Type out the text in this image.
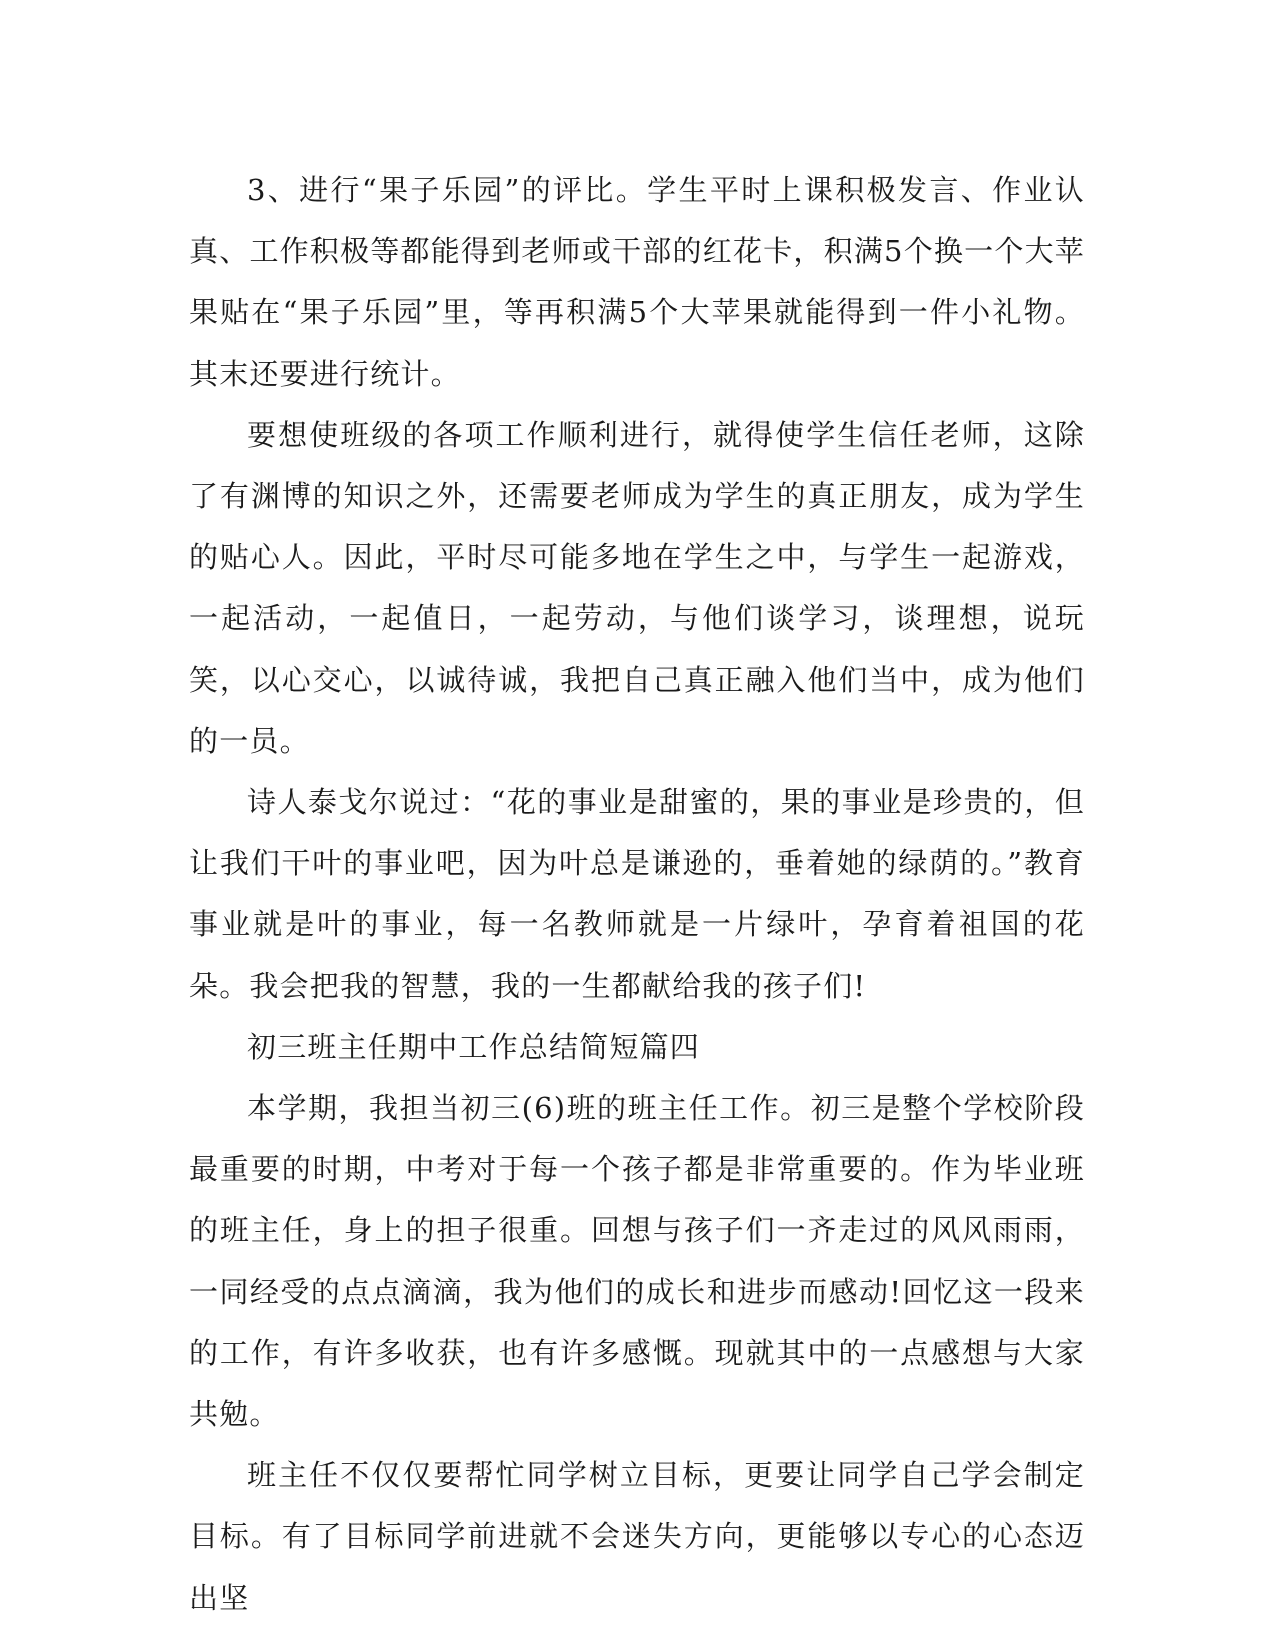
3、进行“果子乐园”的评比。学生平时上课积极发言、作业认真、工作积极等都能得到老师或干部的红花卡，积满5个换一个大苹果贴在“果子乐园”里，等再积满5个大苹果就能得到一件小礼物。其末还要进行统计。

要想使班级的各项工作顺利进行，就得使学生信任老师，这除了有渊博的知识之外，还需要老师成为学生的真正朋友，成为学生的贴心人。因此，平时尽可能多地在学生之中，与学生一起游戏，一起活动，一起值日，一起劳动，与他们谈学习，谈理想，说玩笑，以心交心，以诚待诚，我把自己真正融入他们当中，成为他们的一员。

诗人泰戈尔说过：“花的事业是甜蜜的，果的事业是珍贵的，但让我们干叶的事业吧，因为叶总是谦逊的，垂着她的绿荫的。”教育事业就是叶的事业，每一名教师就是一片绿叶，孕育着祖国的花朵。我会把我的智慧，我的一生都献给我的孩子们!

初三班主任期中工作总结简短篇四

本学期，我担当初三(6)班的班主任工作。初三是整个学校阶段最重要的时期，中考对于每一个孩子都是非常重要的。作为毕业班的班主任，身上的担子很重。回想与孩子们一齐走过的风风雨雨，一同经受的点点滴滴，我为他们的成长和进步而感动!回忆这一段来的工作，有许多收获，也有许多感慨。现就其中的一点感想与大家共勉。

班主任不仅仅要帮忙同学树立目标，更要让同学自己学会制定目标。有了目标同学前进就不会迷失方向，更能够以专心的心态迈出坚
